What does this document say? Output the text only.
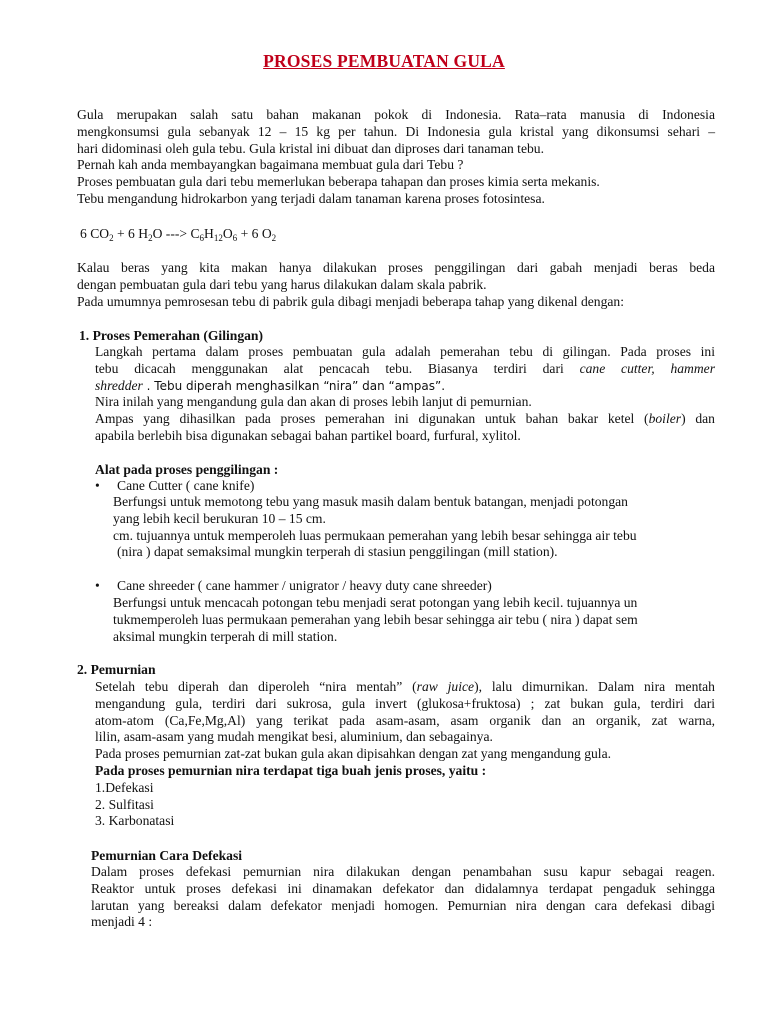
PROSES PEMBUATAN GULA
Gula merupakan salah satu bahan makanan pokok di Indonesia. Rata–rata manusia di Indonesia
mengkonsumsi gula sebanyak 12 – 15 kg per tahun. Di Indonesia gula kristal yang dikonsumsi sehari –
hari didominasi oleh gula tebu. Gula kristal ini dibuat dan diproses dari tanaman tebu.
Pernah kah anda membayangkan bagaimana membuat gula dari Tebu ?
Proses pembuatan gula dari tebu memerlukan beberapa tahapan dan proses kimia serta mekanis.
Tebu mengandung hidrokarbon yang terjadi dalam tanaman karena proses fotosintesa.
6 $CO_2 + 6$ $H_2O$ ---> $C_6H_{12}O_6 + 6$ $O_2$
Kalau beras yang kita makan hanya dilakukan proses penggilingan dari gabah menjadi beras beda
dengan pembuatan gula dari tebu yang harus dilakukan dalam skala pabrik.
Pada umumnya pemrosesan tebu di pabrik gula dibagi menjadi beberapa tahap yang dikenal dengan:
1. Proses Pemerahan (Gilingan)
Langkah pertama dalam proses pembuatan gula adalah pemerahan tebu di gilingan. Pada proses ini
tebu dicacah menggunakan alat pencacah tebu. Biasanya terdiri dari cane cutter, hammer
shredder . Tebu diperah menghasilkan “nira” dan “ampas”.
Nira inilah yang mengandung gula dan akan di proses lebih lanjut di pemurnian.
Ampas yang dihasilkan pada proses pemerahan ini digunakan untuk bahan bakar ketel (boiler) dan
apabila berlebih bisa digunakan sebagai bahan partikel board, furfural, xylitol.
Alat pada proses penggilingan :
• Cane Cutter ( cane knife)
Berfungsi untuk memotong tebu yang masuk masih dalam bentuk batangan, menjadi potongan
yang lebih kecil berukuran 10 – 15 cm.
cm. tujuannya untuk memperoleh luas permukaan pemerahan yang lebih besar sehingga air tebu
(nira ) dapat semaksimal mungkin terperah di stasiun penggilingan (mill station).
• Cane shreeder ( cane hammer / unigrator / heavy duty cane shreeder)
Berfungsi untuk mencacah potongan tebu menjadi serat potongan yang lebih kecil. tujuannya un
tukmemperoleh luas permukaan pemerahan yang lebih besar sehingga air tebu ( nira ) dapat sem
aksimal mungkin terperah di mill station.
2. Pemurnian
Setelah tebu diperah dan diperoleh “nira mentah” (raw juice), lalu dimurnikan. Dalam nira mentah
mengandung gula, terdiri dari sukrosa, gula invert (glukosa+fruktosa) ; zat bukan gula, terdiri dari
atom-atom (Ca,Fe,Mg,Al) yang terikat pada asam-asam, asam organik dan an organik, zat warna,
lilin, asam-asam yang mudah mengikat besi, aluminium, dan sebagainya.
Pada proses pemurnian zat-zat bukan gula akan dipisahkan dengan zat yang mengandung gula.
Pada proses pemurnian nira terdapat tiga buah jenis proses, yaitu :
1.Defekasi
2. Sulfitasi
3. Karbonatasi
Pemurnian Cara Defekasi
Dalam proses defekasi pemurnian nira dilakukan dengan penambahan susu kapur sebagai reagen.
Reaktor untuk proses defekasi ini dinamakan defekator dan didalamnya terdapat pengaduk sehingga
larutan yang bereaksi dalam defekator menjadi homogen. Pemurnian nira dengan cara defekasi dibagi
menjadi 4 :
